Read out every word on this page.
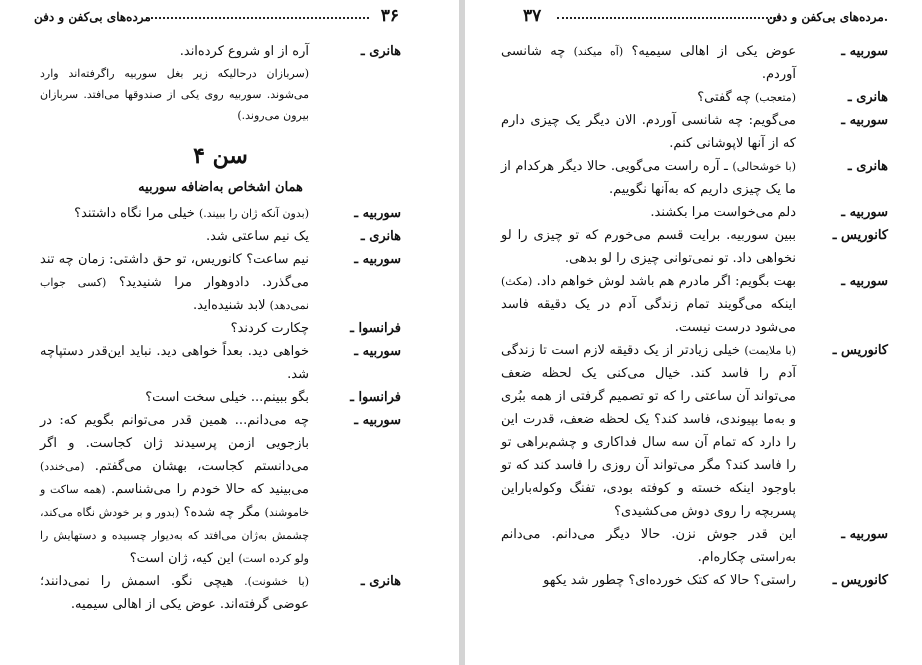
مرده‌های بی‌کفن و دفن	۳۶
هانری ـ
آره از او شروع کرده‌اند.
(سربازان درحالیکه زیر بغل سوربیه راگرفته‌اند وارد می‌شوند. سوربیه روی یکی از صندوقها می‌افتد. سربازان بیرون می‌روند.)
سن ۴
همان اشخاص به‌اضافه سوربیه
سوربیه ـ
(بدون آنکه ژان را ببیند.) خیلی مرا نگاه داشتند؟
هانری ـ
یک نیم ساعتی شد.
سوربیه ـ
نیم ساعت؟ کانوریس، تو حق داشتی: زمان چه تند می‌گذرد. دادوهوار مرا شنیدید؟ (کسی جواب نمی‌دهد) لابد شنیده‌اید.
فرانسوا ـ
چکارت کردند؟
سوربیه ـ
خواهی دید. بعداً خواهی دید. نباید این‌قدر دستپاچه شد.
فرانسوا ـ
بگو ببینم... خیلی سخت است؟
سوربیه ـ
چه می‌دانم... همین قدر می‌توانم بگویم که: در بازجویی ازمن پرسیدند ژان کجاست. و اگر می‌دانستم کجاست، بهشان می‌گفتم. (می‌خندد) می‌بینید که حالا خودم را می‌شناسم. (همه ساکت و خاموشند) مگر چه شده؟ (بدور و بر خودش نگاه می‌کند، چشمش به‌ژان می‌افتد که به‌دیوار چسبیده و دستهایش را ولو کرده است) این کیه، ژان است؟
هانری ـ
(با خشونت). هیچی نگو. اسمش را نمی‌دانند؛ عوضی گرفته‌اند. عوض یکی از اهالی سیمیه.
۳۷	مرده‌های بی‌کفن و دفن.
سوربیه ـ
عوض یکی از اهالی سیمیه؟ (آه میکند) چه شانسی آوردم.
هانری ـ
(متعجب) چه گفتی؟
سوربیه ـ
می‌گویم: چه شانسی آوردم. الان دیگر یک چیزی دارم که از آنها لاپوشانی کنم.
هانری ـ
(با خوشحالی) ـ آره راست می‌گویی. حالا دیگر هرکدام از ما یک چیزی داریم که به‌آنها نگوییم.
سوربیه ـ
دلم می‌خواست مرا بکشند.
کانوریس ـ
ببین سوربیه. برایت قسم می‌خورم که تو چیزی را لو نخواهی داد. تو نمی‌توانی چیزی را لو بدهی.
سوربیه ـ
بهت بگویم: اگر مادرم هم باشد لوش خواهم داد. (مکث) اینکه می‌گویند تمام زندگی آدم در یک دقیقه فاسد می‌شود درست نیست.
کانوریس ـ
(با ملایمت) خیلی زیادتر از یک دقیقه لازم است تا زندگی آدم را فاسد کند. خیال می‌کنی یک لحظه ضعف می‌تواند آن ساعتی را که تو تصمیم گرفتی از همه ببُری و به‌ما بپیوندی، فاسد کند؟ یک لحظه ضعف، قدرت این را دارد که تمام آن سه سال فداکاری و چشم‌براهی تو را فاسد کند؟ مگر می‌تواند آن روزی را فاسد کند که تو باوجود اینکه خسته و کوفته بودی، تفنگ وکوله‌باراین پسربچه را روی دوش می‌کشیدی؟
سوربیه ـ
این قدر جوش نزن. حالا دیگر می‌دانم. می‌دانم به‌راستی چکاره‌ام.
کانوریس ـ
راستی؟ حالا که کتک خورده‌ای؟ چطور شد یکهو
